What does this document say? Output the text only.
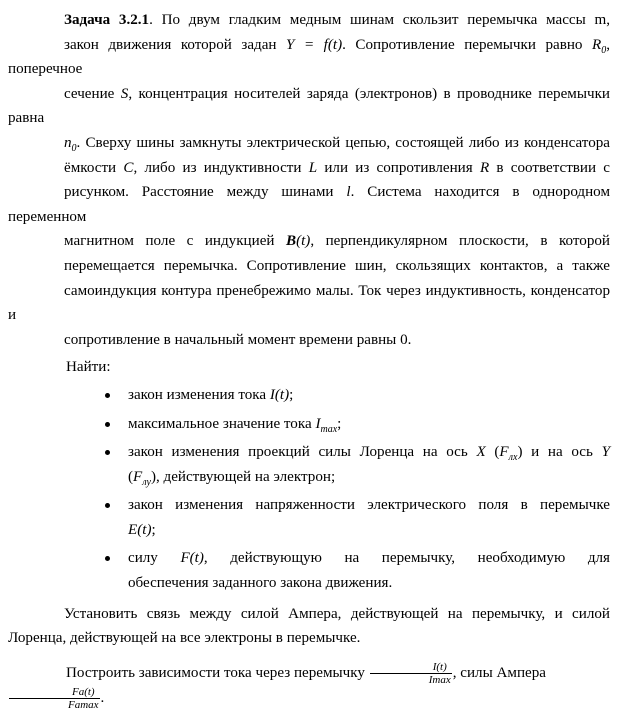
Задача 3.2.1. По двум гладким медным шинам скользит перемычка массы m,
закон движения которой задан Y = f(t). Сопротивление перемычки равно $R_0$, поперечное
сечение S, концентрация носителей заряда (электронов) в проводнике перемычки равна
$n_0$. Сверху шины замкнуты электрической цепью, состоящей либо из конденсатора
ёмкости C, либо из индуктивности L или из сопротивления R в соответствии с
рисунком. Расстояние между шинами l. Система находится в однородном переменном
магнитном поле с индукцией B(t), перпендикулярном плоскости, в которой
перемещается перемычка. Сопротивление шин, скользящих контактов, а также
самоиндукция контура пренебрежимо малы. Ток через индуктивность, конденсатор и
сопротивление в начальный момент времени равны 0.

Найти:

закон изменения тока I(t);
максимальное значение тока $I_{max}$;
закон изменения проекций силы Лоренца на ось X $(F_{лх})$ и на ось Y
$(F_{лу})$, действующей на электрон;
закон изменения напряженности электрического поля в перемычке
E(t);
силу F(t), действующую на перемычку, необходимую для
обеспечения заданного закона движения.

Установить связь между силой Ампера, действующей на перемычку, и силой Лоренца, действующей на все электроны в перемычке.

Построить зависимости тока через перемычку $\frac{I(t)}{Imax}$ , силы Ампера
$\frac{Fa(t)}{Famax}$ .
